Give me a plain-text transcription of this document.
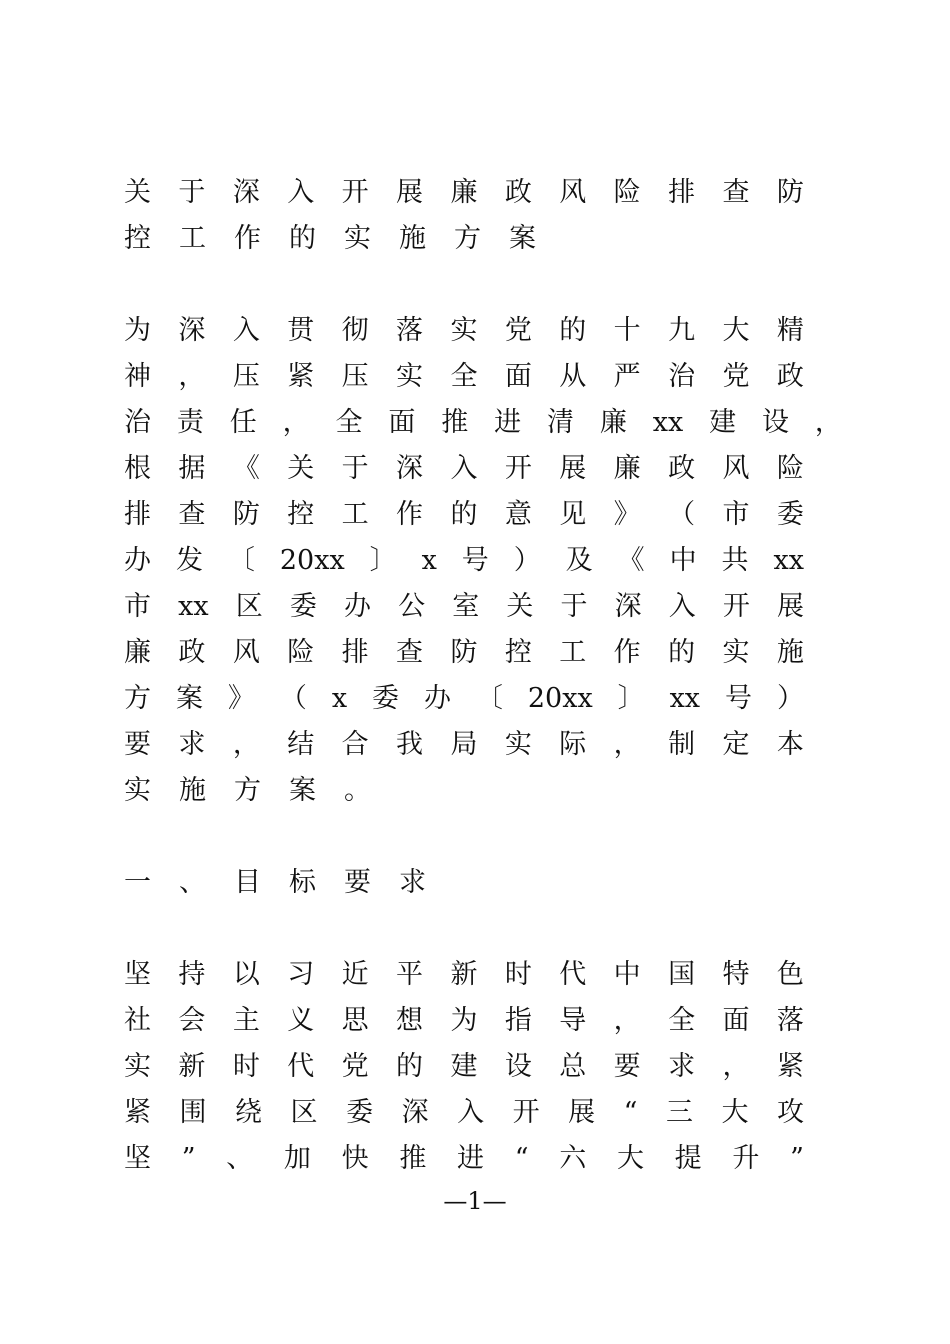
关 于 深 入 开 展 廉 政 风 险 排 查 防
控 工 作 的 实 施 方 案
为 深 入 贯 彻 落 实 党 的 十 九 大 精
神 ， 压 紧 压 实 全 面 从 严 治 党 政
治 责 任 ， 全 面 推 进 清 廉 xx 建 设 ，
根 据 《 关 于 深 入 开 展 廉 政 风 险
排 查 防 控 工 作 的 意 见 》 （ 市 委
办 发 〔 20xx 〕 x 号 ） 及 《 中 共 xx
市 xx 区 委 办 公 室 关 于 深 入 开 展
廉 政 风 险 排 查 防 控 工 作 的 实 施
方 案 》 （ x 委 办 〔 20xx 〕 xx 号 ）
要 求 ， 结 合 我 局 实 际 ， 制 定 本
实 施 方 案 。
一 、 目 标 要 求
坚 持 以 习 近 平 新 时 代 中 国 特 色
社 会 主 义 思 想 为 指 导 ， 全 面 落
实 新 时 代 党 的 建 设 总 要 求 ， 紧
紧 围 绕 区 委 深 入 开 展 “ 三 大 攻
坚 ” 、 加 快 推 进 “ 六 大 提 升 ”
—1—
